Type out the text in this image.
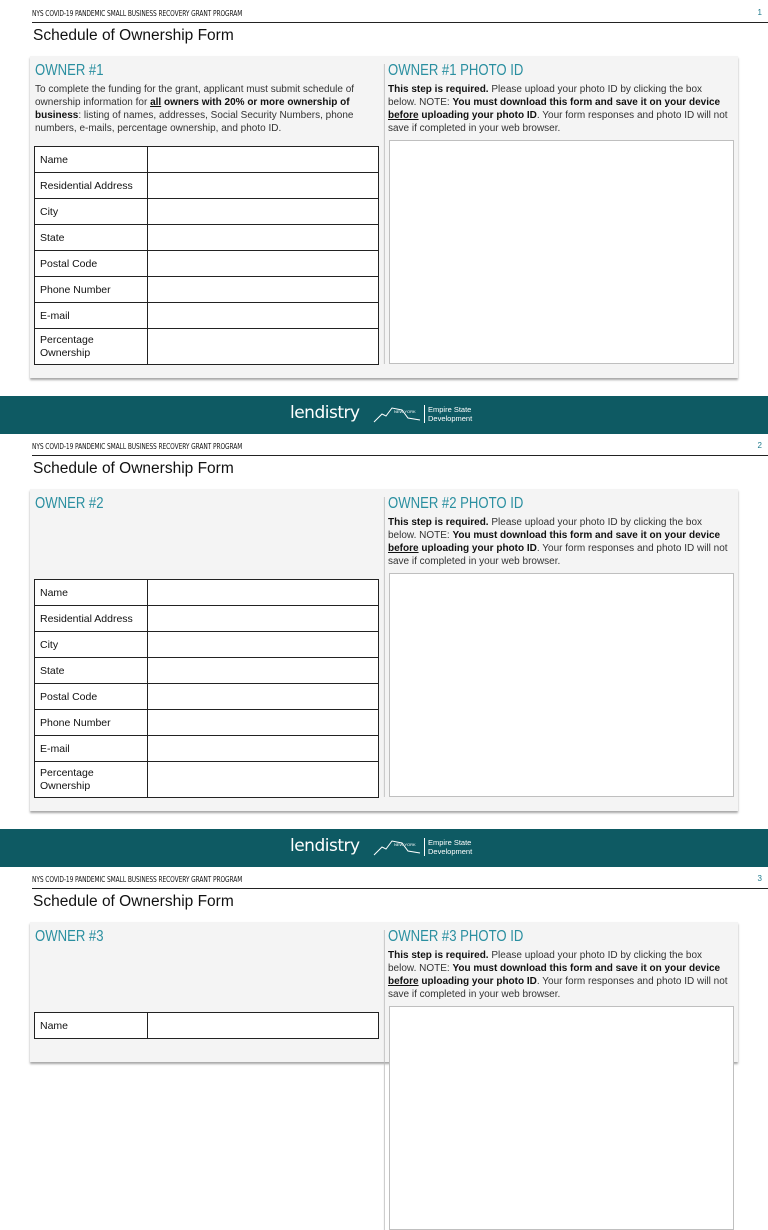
NYS COVID-19 PANDEMIC SMALL BUSINESS RECOVERY GRANT PROGRAM	1
Schedule of Ownership Form
OWNER #1
To complete the funding for the grant, applicant must submit schedule of ownership information for all owners with 20% or more ownership of business: listing of names, addresses, Social Security Numbers, phone numbers, e-mails, percentage ownership, and photo ID.
Name	
Residential Address	
City	
State	
Postal Code	
Phone Number	
E-mail	
Percentage Ownership	
OWNER #1 PHOTO ID
This step is required. Please upload your photo ID by clicking the box below. NOTE: You must download this form and save it on your device before uploading your photo ID. Your form responses and photo ID will not save if completed in your web browser.
lendistry	NEW YORK	Empire State
Development
NYS COVID-19 PANDEMIC SMALL BUSINESS RECOVERY GRANT PROGRAM	2
Schedule of Ownership Form
OWNER #2
Name	
Residential Address	
City	
State	
Postal Code	
Phone Number	
E-mail	
Percentage Ownership	
OWNER #2 PHOTO ID
This step is required. Please upload your photo ID by clicking the box below. NOTE: You must download this form and save it on your device before uploading your photo ID. Your form responses and photo ID will not save if completed in your web browser.
lendistry	NEW YORK	Empire State
Development
NYS COVID-19 PANDEMIC SMALL BUSINESS RECOVERY GRANT PROGRAM	3
Schedule of Ownership Form
OWNER #3
Name	
OWNER #3 PHOTO ID
This step is required. Please upload your photo ID by clicking the box below. NOTE: You must download this form and save it on your device before uploading your photo ID. Your form responses and photo ID will not save if completed in your web browser.
